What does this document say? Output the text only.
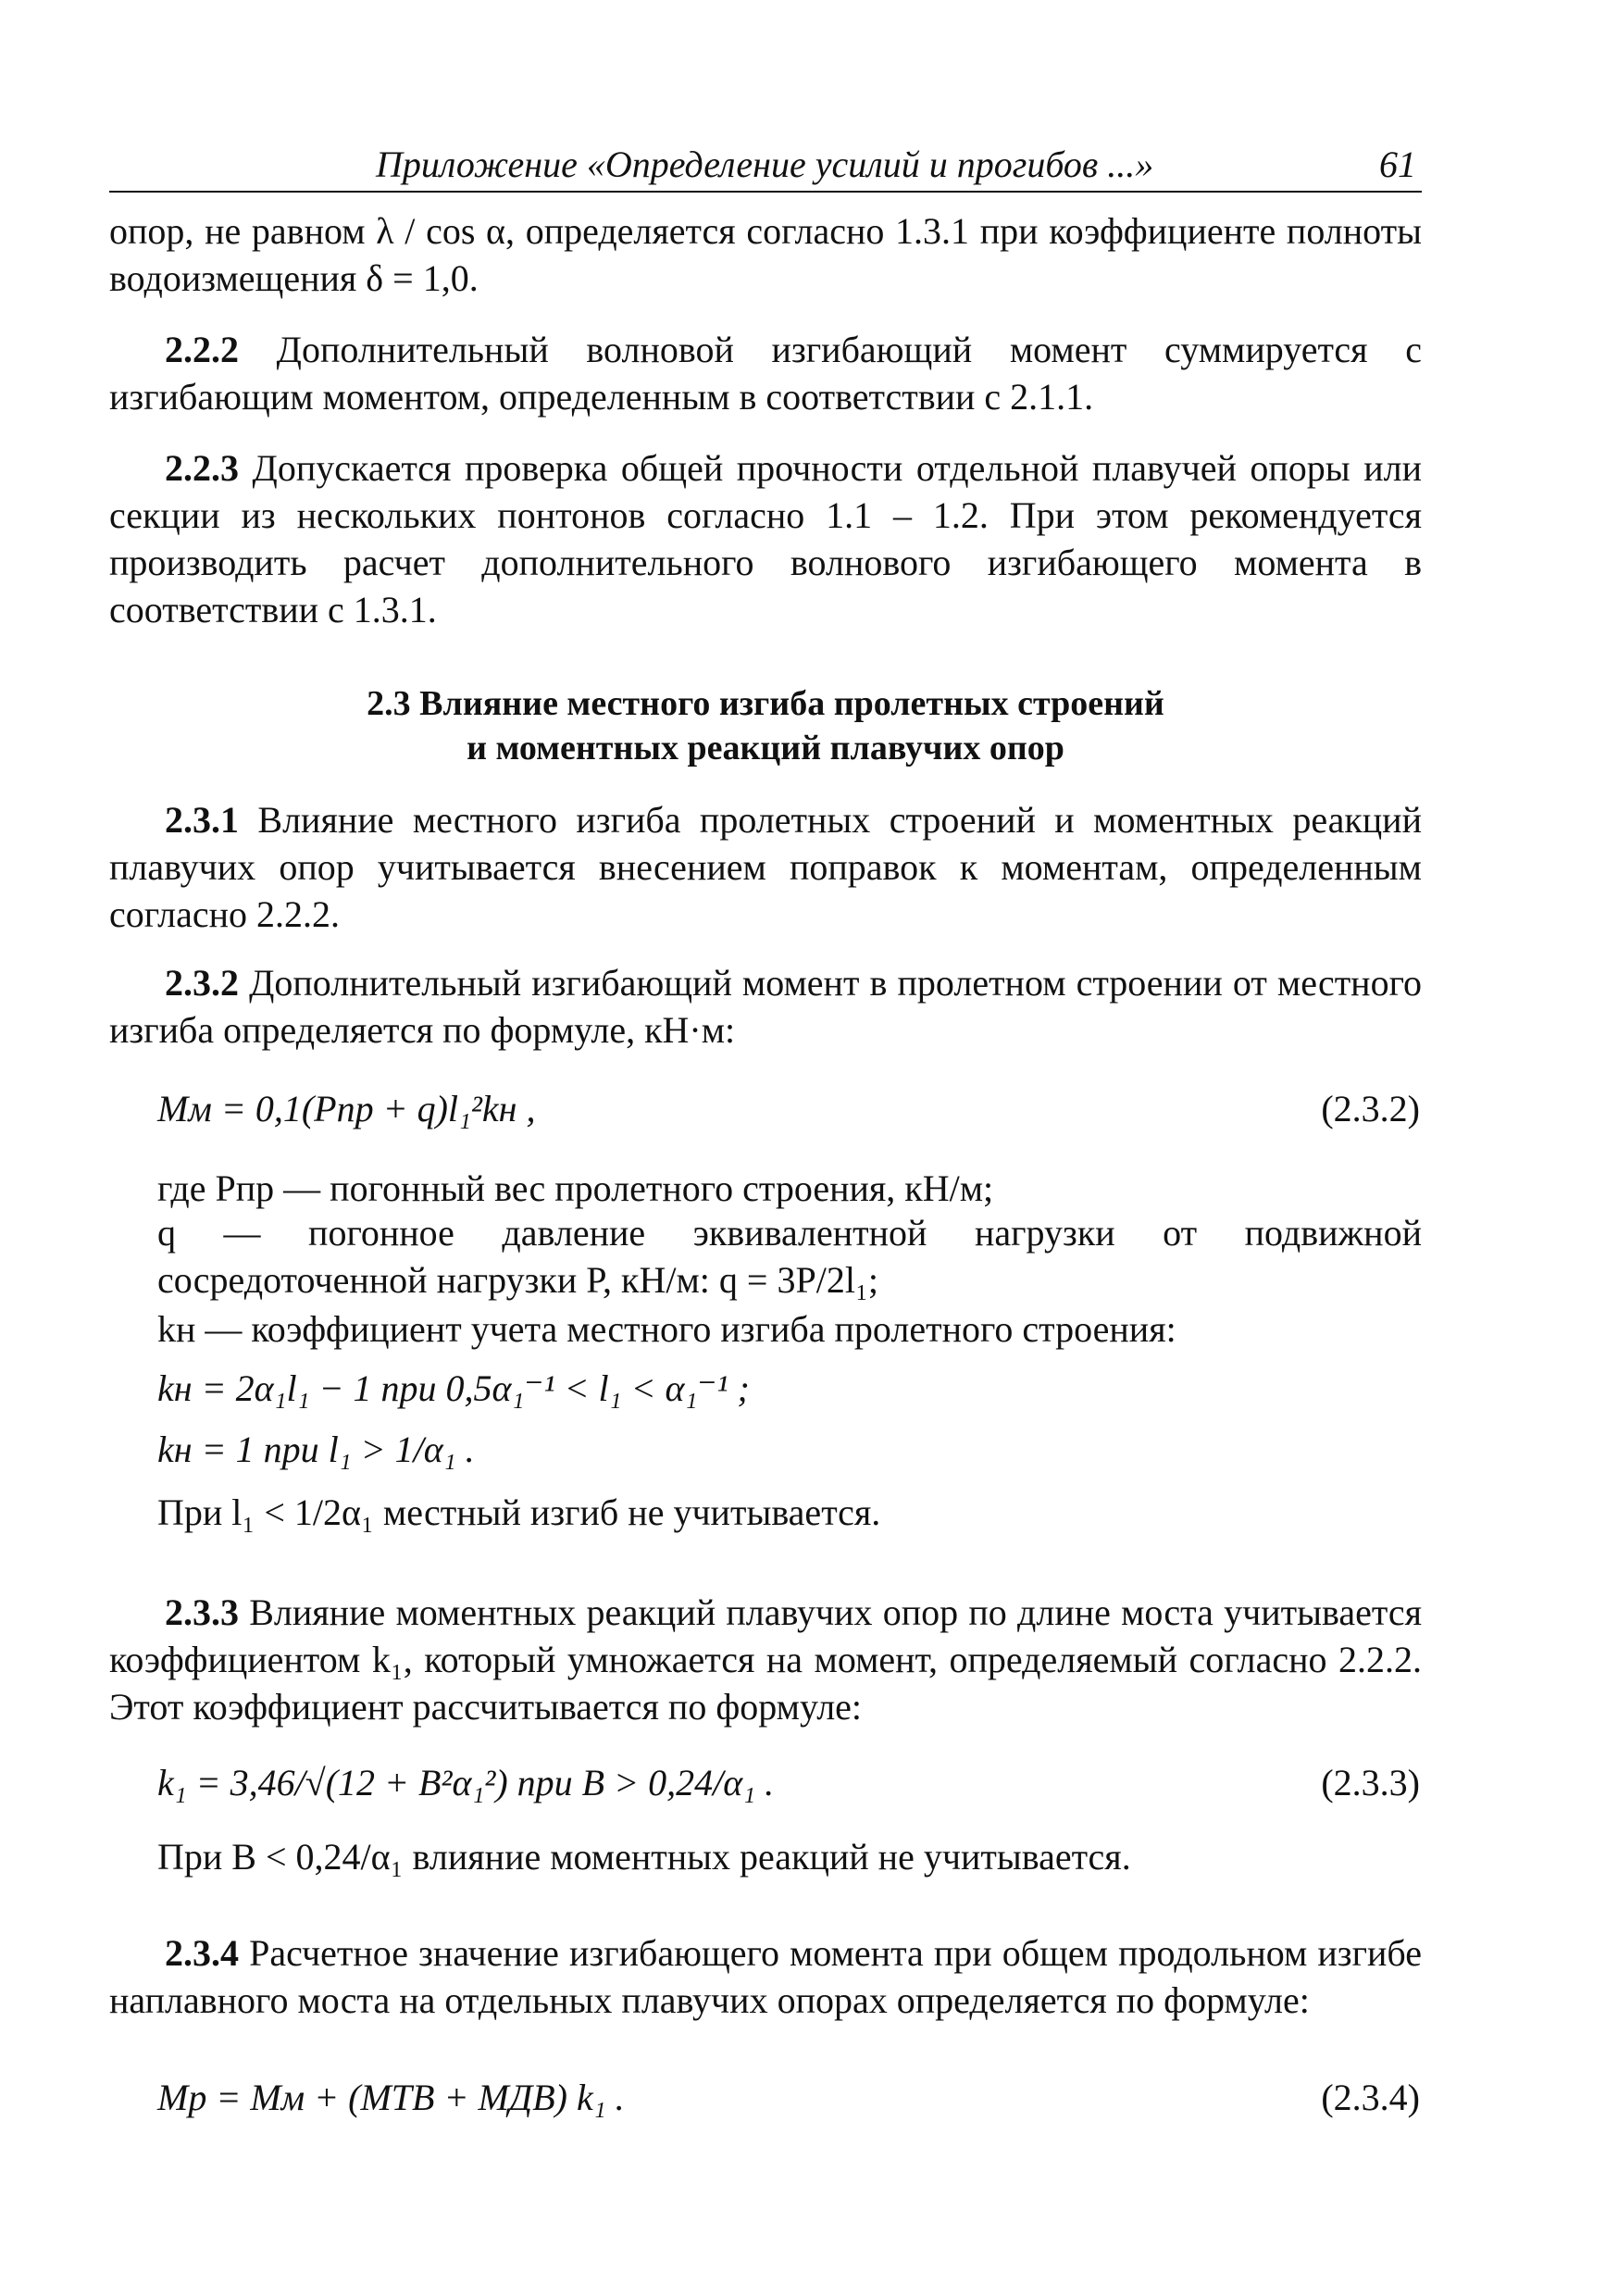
Приложение «Определение усилий и прогибов ...»	61

опор, не равном λ / cos α, определяется согласно 1.3.1 при коэффициенте полноты водоизмещения δ = 1,0.

2.2.2 Дополнительный волновой изгибающий момент суммируется с изгибающим моментом, определенным в соответствии с 2.1.1.

2.2.3 Допускается проверка общей прочности отдельной плавучей опоры или секции из нескольких понтонов согласно 1.1 – 1.2. При этом рекомендуется производить расчет дополнительного волнового изгибающего момента в соответствии с 1.3.1.

2.3 Влияние местного изгиба пролетных строений
и моментных реакций плавучих опор

2.3.1 Влияние местного изгиба пролетных строений и моментных реакций плавучих опор учитывается внесением поправок к моментам, определенным согласно 2.2.2.

2.3.2 Дополнительный изгибающий момент в пролетном строении от местного изгиба определяется по формуле, кН·м:

Mм = 0,1(Pпр + q)l₁²kн ,	(2.3.2)
где Pпр — погонный вес пролетного строения, кН/м;

q — погонное давление эквивалентной нагрузки от подвижной сосредоточенной нагрузки P, кН/м: q = 3P/2l₁;

kн — коэффициент учета местного изгиба пролетного строения:
kн = 2α₁l₁ − 1 при 0,5α₁⁻¹ < l₁ < α₁⁻¹ ;
kн = 1 при l₁ > 1/α₁ .
При l₁ < 1/2α₁ местный изгиб не учитывается.

2.3.3 Влияние моментных реакций плавучих опор по длине моста учитывается коэффициентом k₁, который умножается на момент, определяемый согласно 2.2.2. Этот коэффициент рассчитывается по формуле:

k₁ = 3,46/√(12 + B²α₁²) при B > 0,24/α₁ .	(2.3.3)
При B < 0,24/α₁ влияние моментных реакций не учитывается.

2.3.4 Расчетное значение изгибающего момента при общем продольном изгибе наплавного моста на отдельных плавучих опорах определяется по формуле:

Mр = Mм + (MТВ + MДВ) k₁ .	(2.3.4)
